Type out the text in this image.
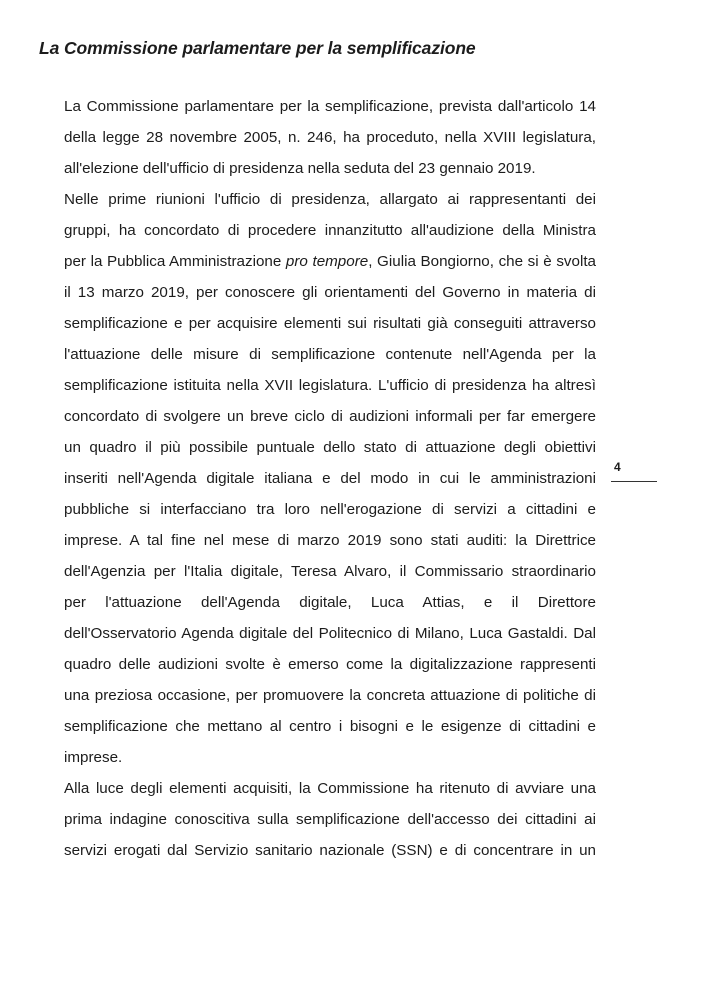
La Commissione parlamentare per la semplificazione
La Commissione parlamentare per la semplificazione, prevista dall'articolo 14
della legge 28 novembre 2005, n. 246, ha proceduto, nella XVIII legislatura,
all'elezione dell'ufficio di presidenza nella seduta del 23 gennaio 2019.
Nelle prime riunioni l'ufficio di presidenza, allargato ai rappresentanti dei
gruppi, ha concordato di procedere innanzitutto all'audizione della Ministra
per la Pubblica Amministrazione pro tempore, Giulia Bongiorno, che si è svolta
il 13 marzo 2019, per conoscere gli orientamenti del Governo in materia di
semplificazione e per acquisire elementi sui risultati già conseguiti attraverso
l'attuazione delle misure di semplificazione contenute nell'Agenda per la
semplificazione istituita nella XVII legislatura. L'ufficio di presidenza ha altresì
concordato di svolgere un breve ciclo di audizioni informali per far emergere
un quadro il più possibile puntuale dello stato di attuazione degli obiettivi
inseriti nell'Agenda digitale italiana e del modo in cui le amministrazioni
pubbliche si interfacciano tra loro nell'erogazione di servizi a cittadini e
imprese. A tal fine nel mese di marzo 2019 sono stati auditi: la Direttrice
dell'Agenzia per l'Italia digitale, Teresa Alvaro, il Commissario straordinario
per l'attuazione dell'Agenda digitale, Luca Attias, e il Direttore
dell'Osservatorio Agenda digitale del Politecnico di Milano, Luca Gastaldi. Dal
quadro delle audizioni svolte è emerso come la digitalizzazione rappresenti
una preziosa occasione, per promuovere la concreta attuazione di politiche di
semplificazione che mettano al centro i bisogni e le esigenze di cittadini e
imprese.
Alla luce degli elementi acquisiti, la Commissione ha ritenuto di avviare una
prima indagine conoscitiva sulla semplificazione dell'accesso dei cittadini ai
servizi erogati dal Servizio sanitario nazionale (SSN) e di concentrare in un
4
